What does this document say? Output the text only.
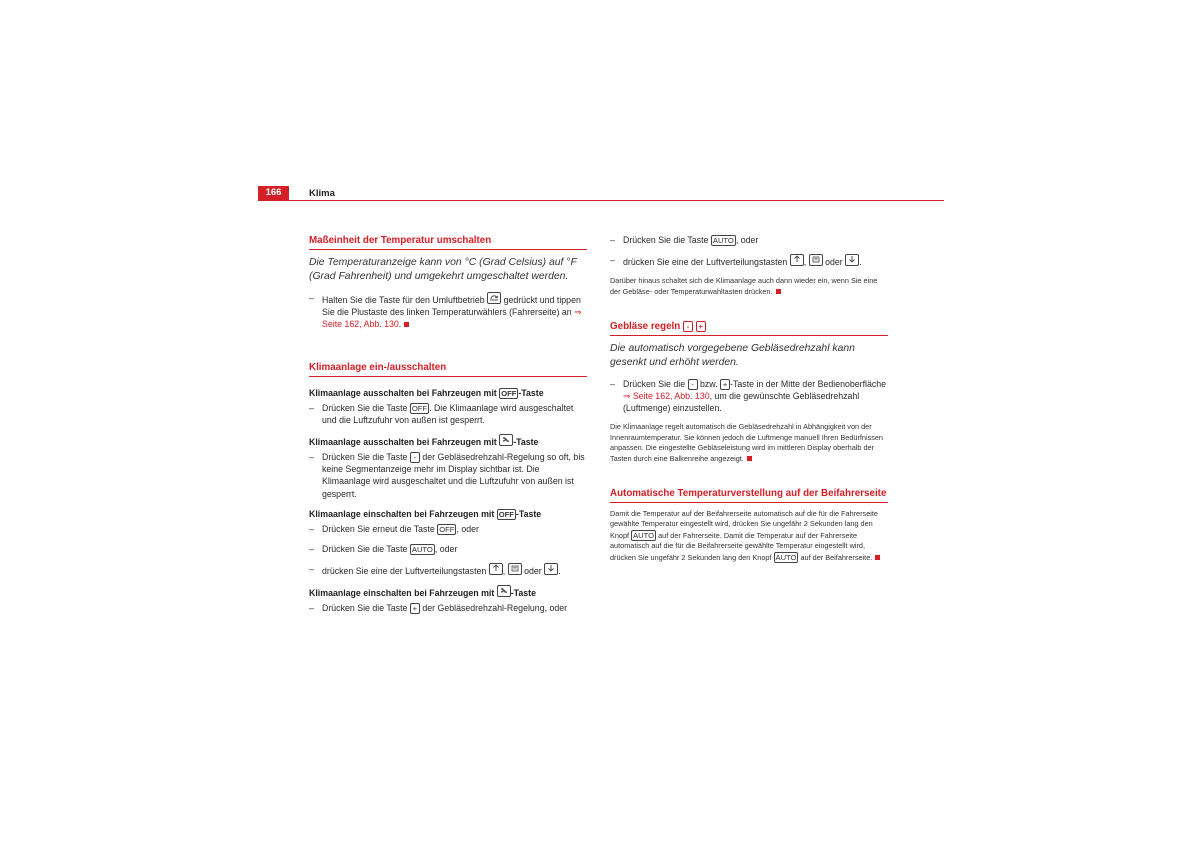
166	Klima
Maßeinheit der Temperatur umschalten

Die Temperaturanzeige kann von °C (Grad Celsius) auf °F (Grad Fahrenheit) und umgekehrt umgeschaltet werden.

– Halten Sie die Taste für den Umluftbetrieb gedrückt und tippen Sie die Plustaste des linken Temperaturwählers (Fahrerseite) an ⇒ Seite 162, Abb. 130.
Klimaanlage ein-/ausschalten
Klimaanlage ausschalten bei Fahrzeugen mit OFF -Taste
– Drücken Sie die Taste OFF . Die Klimaanlage wird ausgeschaltet und die Luftzufuhr von außen ist gesperrt.
Klimaanlage ausschalten bei Fahrzeugen mit -Taste
– Drücken Sie die Taste - der Gebläsedrehzahl-Regelung so oft, bis keine Segmentanzeige mehr im Display sichtbar ist. Die Klimaanlage wird ausgeschaltet und die Luftzufuhr von außen ist gesperrt.
Klimaanlage einschalten bei Fahrzeugen mit OFF -Taste
– Drücken Sie erneut die Taste OFF , oder
– Drücken Sie die Taste AUTO , oder
– drücken Sie eine der Luftverteilungstasten , oder .
Klimaanlage einschalten bei Fahrzeugen mit -Taste
– Drücken Sie die Taste + der Gebläsedrehzahl-Regelung, oder
– Drücken Sie die Taste AUTO , oder
– drücken Sie eine der Luftverteilungstasten , oder .

Darüber hinaus schaltet sich die Klimaanlage auch dann wieder ein, wenn Sie eine der Gebläse- oder Temperaturwahltasten drücken.

Gebläse regeln - +

Die automatisch vorgegebene Gebläsedrehzahl kann gesenkt und erhöht werden.

– Drücken Sie die - bzw. + -Taste in der Mitte der Bedienoberfläche ⇒ Seite 162, Abb. 130, um die gewünschte Gebläsedrehzahl (Luftmenge) einzustellen.

Die Klimaanlage regelt automatisch die Gebläsedrehzahl in Abhängigkeit von der Innenraumtemperatur. Sie können jedoch die Luftmenge manuell Ihren Bedürfnissen anpassen. Die eingestellte Gebläseleistung wird im mittleren Display oberhalb der Tasten durch eine Balkenreihe angezeigt.

Automatische Temperaturverstellung auf der Beifahrerseite

Damit die Temperatur auf der Beifahrerseite automatisch auf die für die Fahrerseite gewählte Temperatur eingestellt wird, drücken Sie ungefähr 2 Sekunden lang den Knopf AUTO auf der Fahrerseite. Damit die Temperatur auf der Fahrerseite automatisch auf die für die Beifahrerseite gewählte Temperatur eingestellt wird, drücken Sie ungefähr 2 Sekunden lang den Knopf AUTO auf der Beifahrerseite.
